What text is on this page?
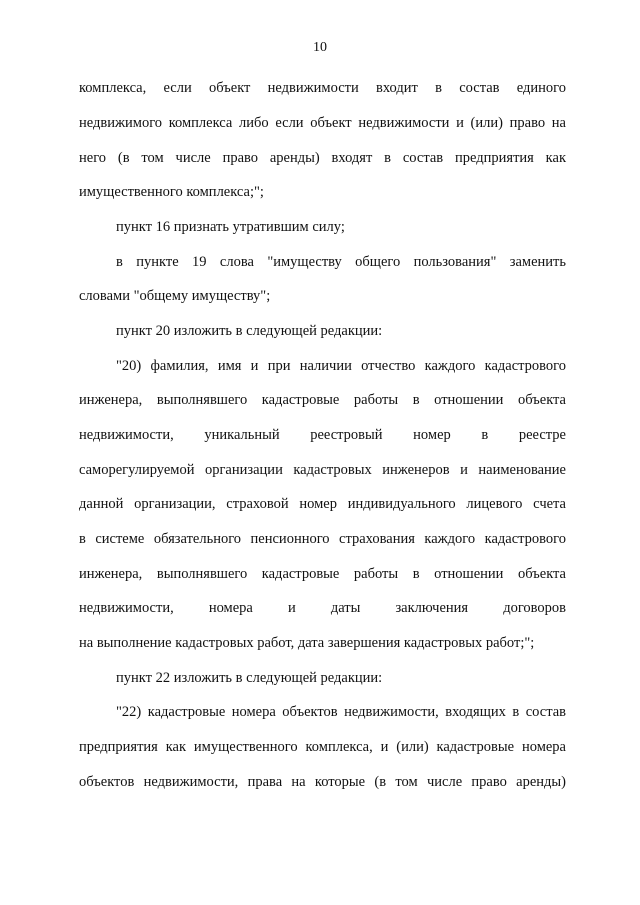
10
комплекса, если объект недвижимости входит в состав единого
недвижимого комплекса либо если объект недвижимости и (или) право на
него (в том числе право аренды) входят в состав предприятия как
имущественного комплекса;";
пункт 16 признать утратившим силу;
в пункте 19 слова "имуществу общего пользования" заменить
словами "общему имуществу";
пункт 20 изложить в следующей редакции:
"20) фамилия, имя и при наличии отчество каждого кадастрового
инженера, выполнявшего кадастровые работы в отношении объекта
недвижимости, уникальный реестровый номер в реестре
саморегулируемой организации кадастровых инженеров и наименование
данной организации, страховой номер индивидуального лицевого счета
в системе обязательного пенсионного страхования каждого кадастрового
инженера, выполнявшего кадастровые работы в отношении объекта
недвижимости, номера и даты заключения договоров
на выполнение кадастровых работ, дата завершения кадастровых работ;";
пункт 22 изложить в следующей редакции:
"22) кадастровые номера объектов недвижимости, входящих в состав
предприятия как имущественного комплекса, и (или) кадастровые номера
объектов недвижимости, права на которые (в том числе право аренды)
